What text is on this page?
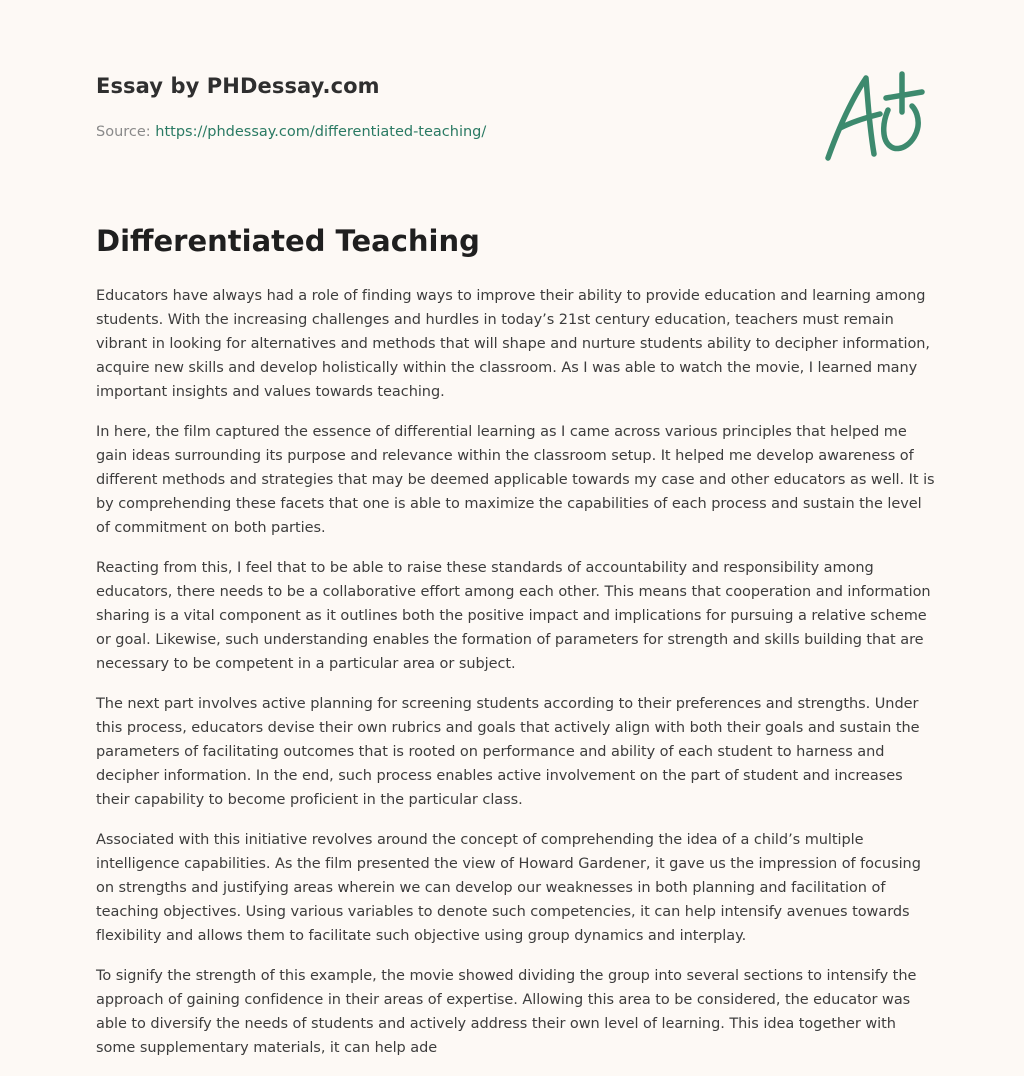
Essay by PHDessay.com
Source: https://phdessay.com/differentiated-teaching/
Differentiated Teaching

Educators have always had a role of finding ways to improve their ability to provide education and learning among students. With the increasing challenges and hurdles in today’s 21st century education, teachers must remain vibrant in looking for alternatives and methods that will shape and nurture students ability to decipher information, acquire new skills and develop holistically within the classroom. As I was able to watch the movie, I learned many important insights and values towards teaching.

In here, the film captured the essence of differential learning as I came across various principles that helped me gain ideas surrounding its purpose and relevance within the classroom setup. It helped me develop awareness of different methods and strategies that may be deemed applicable towards my case and other educators as well. It is by comprehending these facets that one is able to maximize the capabilities of each process and sustain the level of commitment on both parties.

Reacting from this, I feel that to be able to raise these standards of accountability and responsibility among educators, there needs to be a collaborative effort among each other. This means that cooperation and information sharing is a vital component as it outlines both the positive impact and implications for pursuing a relative scheme or goal. Likewise, such understanding enables the formation of parameters for strength and skills building that are necessary to be competent in a particular area or subject.

The next part involves active planning for screening students according to their preferences and strengths. Under this process, educators devise their own rubrics and goals that actively align with both their goals and sustain the parameters of facilitating outcomes that is rooted on performance and ability of each student to harness and decipher information. In the end, such process enables active involvement on the part of student and increases their capability to become proficient in the particular class.

Associated with this initiative revolves around the concept of comprehending the idea of a child’s multiple intelligence capabilities. As the film presented the view of Howard Gardener, it gave us the impression of focusing on strengths and justifying areas wherein we can develop our weaknesses in both planning and facilitation of teaching objectives. Using various variables to denote such competencies, it can help intensify avenues towards flexibility and allows them to facilitate such objective using group dynamics and interplay.

To signify the strength of this example, the movie showed dividing the group into several sections to intensify the approach of gaining confidence in their areas of expertise. Allowing this area to be considered, the educator was able to diversify the needs of students and actively address their own level of learning. This idea together with some supplementary materials, it can help ade
